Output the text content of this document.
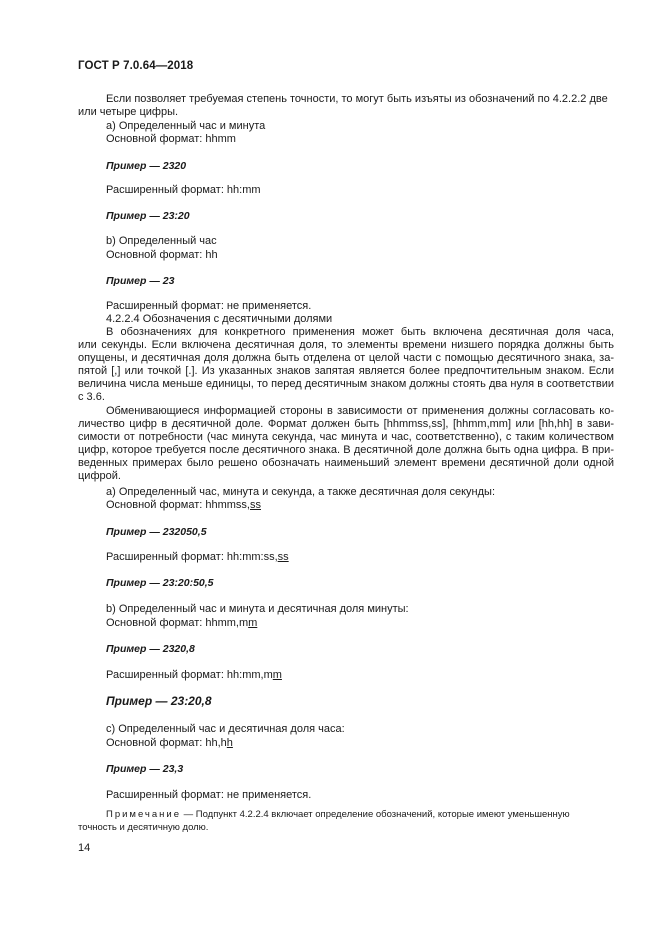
ГОСТ Р 7.0.64—2018
Если позволяет требуемая степень точности, то могут быть изъяты из обозначений по 4.2.2.2 две
или четыре цифры.
а) Определенный час и минута
Основной формат: hhmm
Пример — 2320
Расширенный формат: hh:mm
Пример — 23:20
b) Определенный час
Основной формат: hh
Пример — 23
Расширенный формат: не применяется.
4.2.2.4 Обозначения с десятичными долями
В обозначениях для конкретного применения может быть включена десятичная доля часа,
или секунды. Если включена десятичная доля, то элементы времени низшего порядка должны быть
опущены, и десятичная доля должна быть отделена от целой части с помощью десятичного знака, за-
пятой [,] или точкой [.]. Из указанных знаков запятая является более предпочтительным знаком. Если
величина числа меньше единицы, то перед десятичным знаком должны стоять два нуля в соответствии
с 3.6.
Обменивающиеся информацией стороны в зависимости от применения должны согласовать ко-
личество цифр в десятичной доле. Формат должен быть [hhmmss,ss], [hhmm,mm] или [hh,hh] в зави-
симости от потребности (час минута секунда, час минута и час, соответственно), с таким количеством
цифр, которое требуется после десятичного знака. В десятичной доле должна быть одна цифра. В при-
веденных примерах было решено обозначать наименьший элемент времени десятичной доли одной
цифрой.
а) Определенный час, минута и секунда, а также десятичная доля секунды:
Основной формат: hhmmss,ss
Пример — 232050,5
Расширенный формат: hh:mm:ss,ss
Пример — 23:20:50,5
b) Определенный час и минута и десятичная доля минуты:
Основной формат: hhmm,mm
Пример — 2320,8
Расширенный формат: hh:mm,mm
Пример — 23:20,8
с) Определенный час и десятичная доля часа:
Основной формат: hh,hh
Пример — 23,3
Расширенный формат: не применяется.
Примечание — Подпункт 4.2.2.4 включает определение обозначений, которые имеют уменьшенную
точность и десятичную долю.
14
